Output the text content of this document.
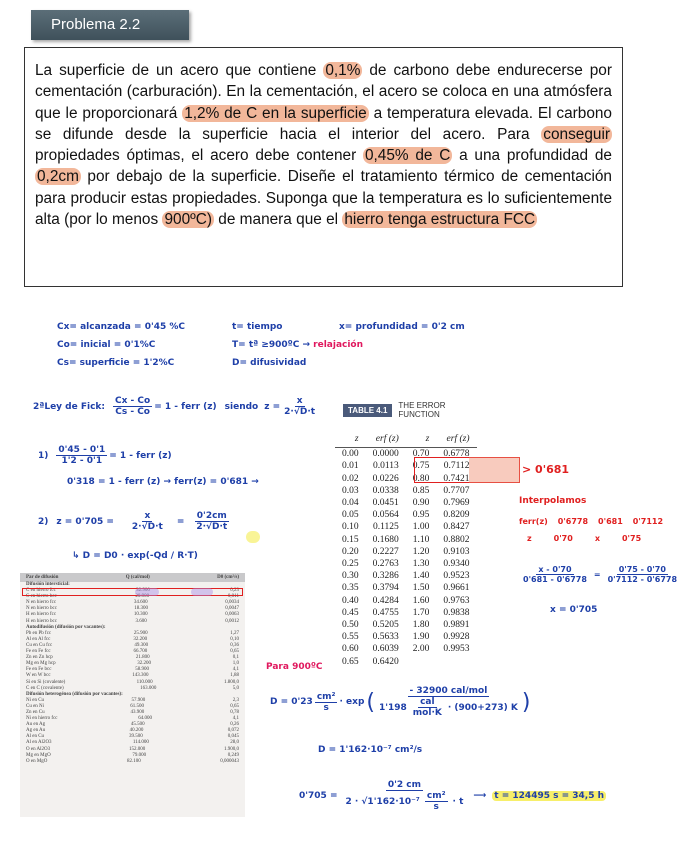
Problema 2.2
La superficie de un acero que contiene 0,1% de carbono debe endurecerse por cementación (carburación). En la cementación, el acero se coloca en una atmósfera que le proporcionará 1,2% de C en la superficie a temperatura elevada. El carbono se difunde desde la superficie hacia el interior del acero. Para conseguir propiedades óptimas, el acero debe contener 0,45% de C a una profundidad de 0,2cm por debajo de la superficie. Diseñe el tratamiento térmico de cementación para producir estas propiedades. Suponga que la temperatura es lo suficientemente alta (por lo menos 900ºC) de manera que el hierro tenga estructura FCC
Cx= alcanzada = 0'45 %C
Co= inicial = 0'1%C
Cs= superficie = 1'2%C
t= tiempo
T= tª ≥900ºC → relajación
D= difusividad
x= profundidad = 0'2 cm
2ªLey de Fick: $\frac{Cx - Co}{Cs - Co} = 1$ - ferr (z) siendo $z = \frac{x}{2\cdot√D\cdot t}$
$1) \frac{0'45 - 0'1}{1'2 - 0'1} = 1$ - ferr (z)
0'318 = 1 - ferr (z) → ferr(z) = 0'681 →
2) $z = 0'705 = \frac{x}{2\cdot√D\cdot t} = \frac{0'2cm}{2\cdot√D\cdot t}$
↳ D = D0 · exp(-Qd / R·T)
TABLE 4.1	THE ERROR FUNCTION
z	erf (z)	z	erf (z)
0.00	0.0000	0.70	0.6778
0.01	0.0113	0.75	0.7112
0.02	0.0226	0.80	0.7421
0.03	0.0338	0.85	0.7707
0.04	0.0451	0.90	0.7969
0.05	0.0564	0.95	0.8209
0.10	0.1125	1.00	0.8427
0.15	0.1680	1.10	0.8802
0.20	0.2227	1.20	0.9103
0.25	0.2763	1.30	0.9340
0.30	0.3286	1.40	0.9523
0.35	0.3794	1.50	0.9661
0.40	0.4284	1.60	0.9763
0.45	0.4755	1.70	0.9838
0.50	0.5205	1.80	0.9891
0.55	0.5633	1.90	0.9928
0.60	0.6039	2.00	0.9953
0.65	0.6420		
> 0'681
Interpolamos
ferr(z) 0'6778 0'681 0'7112
z	0'70	x	0'75
$\frac{x - 0'70}{0'681 - 0'6778} = \frac{0'75 - 0'70}{0'7112 - 0'6778}$
x = 0'705
Par de difusión	Q (cal/mol)	D0 (cm²/s)
Difusión intersticial:
C en hierro fcc	32.900	0,23
C en hierro bcc	20.900	0,011
N en hierro fcc	34.600	0,0034
N en hierro bcc	18.300	0,0047
H en hierro fcc	10.300	0,0063
H en hierro bcc	3.600	0,0012
Autodifusión (difusión por vacantes):
Pb en Pb fcc	25.900	1,27
Al en Al fcc	32.200	0,10
Cu en Cu fcc	49.300	0,36
Fe en Fe fcc	66.700	0,65
Zn en Zn hcp	21.800	0,1
Mg en Mg hcp	32.200	1,0
Fe en Fe bcc	58.900	4,1
W en W bcc	143.300	1,88
Si en Si (covalente)	110.000	1.800,0
C en C (covalente)	163.000	5,0
Difusión heterogénea (difusión por vacantes):
Ni en Cu	57.900	2,3
Cu en Ni	61.500	0,65
Zn en Cu	43.900	0,78
Ni en hierro fcc	64.000	4,1
Au en Ag	45.500	0,26
Ag en Au	40.200	0,072
Al en Cu	39.500	0,045
Al en Al2O3	114.000	28,0
O en Al2O3	152.000	1.900,0
Mg en MgO	79.000	0,249
O en MgO	82.100	0,000043
Para 900ºC
$D = 0'23 \frac{\text{cm²}}{s} \cdot \exp$ ( $\frac{\text{- 32900 cal/mol}}{1'198 \frac{\text{cal}}{\text{mol·K}} \cdot (900+273) K}$ )
D = 1'162·10⁻⁷ cm²/s
$0'705 = \frac{0'2 cm}{2 \cdot √1'162\cdot 10^{-7} \frac{\text{cm²}}{s} \cdot t}$ ⟶ t = 124495 s = 34,5 h
